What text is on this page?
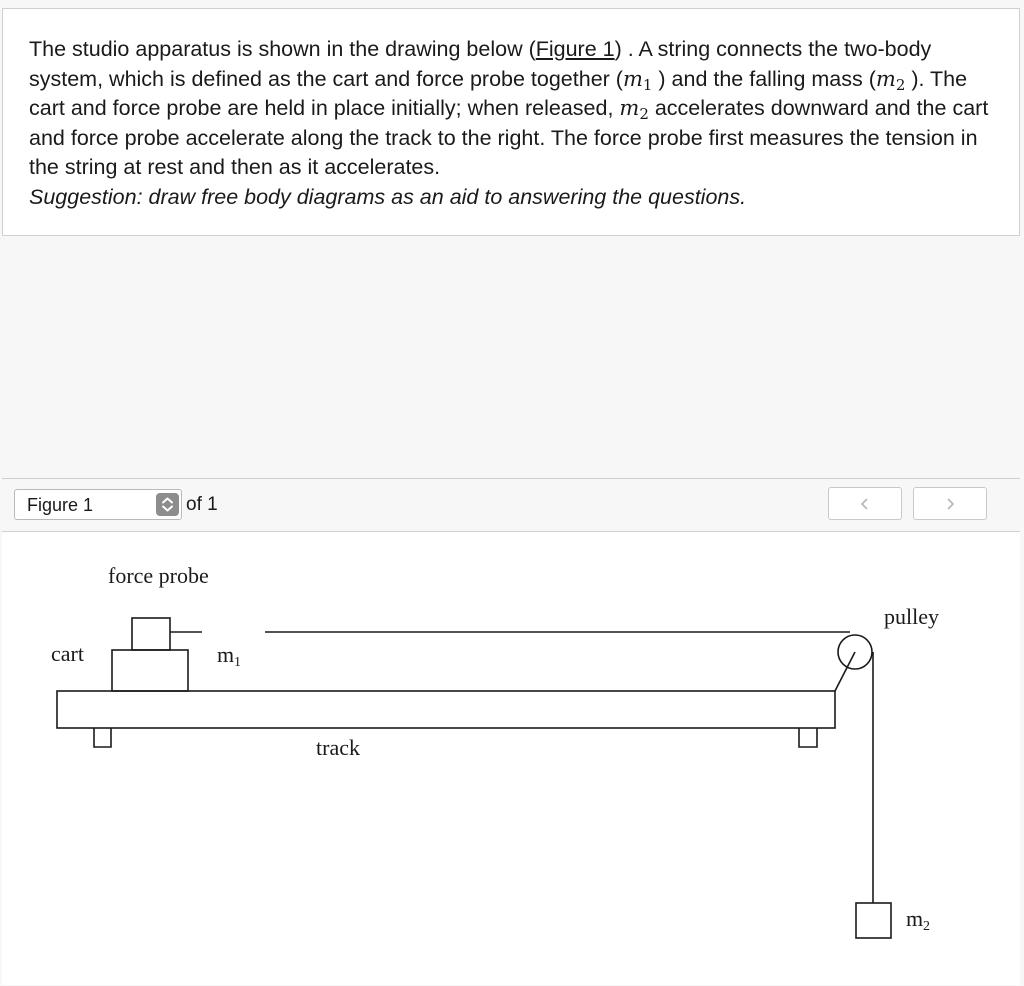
The studio apparatus is shown in the drawing below (Figure 1) . A string connects the two-body system, which is defined as the cart and force probe together ($m_1$ ) and the falling mass ($m_2$ ). The cart and force probe are held in place initially; when released, $m_2$ accelerates downward and the cart and force probe accelerate along the track to the right. The force probe first measures the tension in the string at rest and then as it accelerates.

Suggestion: draw free body diagrams as an aid to answering the questions.

Figure 1	of 1
force probe
pulley
cart	m 1
track
m 2
